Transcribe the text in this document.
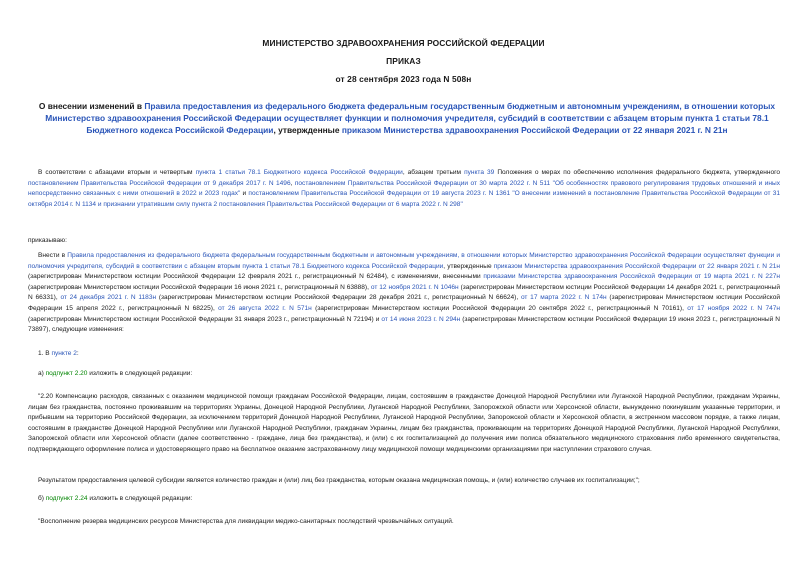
МИНИСТЕРСТВО ЗДРАВООХРАНЕНИЯ РОССИЙСКОЙ ФЕДЕРАЦИИ
ПРИКАЗ
от 28 сентября 2023 года N 508н
О внесении изменений в Правила предоставления из федерального бюджета федеральным государственным бюджетным и автономным учреждениям, в отношении которых Министерство здравоохранения Российской Федерации осуществляет функции и полномочия учредителя, субсидий в соответствии с абзацем вторым пункта 1 статьи 78.1 Бюджетного кодекса Российской Федерации, утвержденные приказом Министерства здравоохранения Российской Федерации от 22 января 2021 г. N 21н
В соответствии с абзацами вторым и четвертым пункта 1 статьи 78.1 Бюджетного кодекса Российской Федерации, абзацем третьим пункта 39 Положения о мерах по обеспечению исполнения федерального бюджета, утвержденного постановлением Правительства Российской Федерации от 9 декабря 2017 г. N 1496, постановлением Правительства Российской Федерации от 30 марта 2022 г. N 511 "Об особенностях правового регулирования трудовых отношений и иных непосредственно связанных с ними отношений в 2022 и 2023 годах" и постановлением Правительства Российской Федерации от 19 августа 2023 г. N 1361 "О внесении изменений в постановление Правительства Российской Федерации от 31 октября 2014 г. N 1134 и признании утратившим силу пункта 2 постановления Правительства Российской Федерации от 6 марта 2022 г. N 298"
приказываю:
Внести в Правила предоставления из федерального бюджета федеральным государственным бюджетным и автономным учреждениям, в отношении которых Министерство здравоохранения Российской Федерации осуществляет функции и полномочия учредителя, субсидий в соответствии с абзацем вторым пункта 1 статьи 78.1 Бюджетного кодекса Российской Федерации, утвержденные приказом Министерства здравоохранения Российской Федерации от 22 января 2021 г. N 21н (зарегистрирован Министерством юстиции Российской Федерации 12 февраля 2021 г., регистрационный N 62484), с изменениями, внесенными приказами Министерства здравоохранения Российской Федерации от 19 марта 2021 г. N 227н (зарегистрирован Министерством юстиции Российской Федерации 16 июня 2021 г., регистрационный N 63888), от 12 ноября 2021 г. N 1046н (зарегистрирован Министерством юстиции Российской Федерации 14 декабря 2021 г., регистрационный N 66331), от 24 декабря 2021 г. N 1183н (зарегистрирован Министерством юстиции Российской Федерации 28 декабря 2021 г., регистрационный N 66624), от 17 марта 2022 г. N 174н (зарегистрирован Министерством юстиции Российской Федерации 15 апреля 2022 г., регистрационный N 68225), от 26 августа 2022 г. N 571н (зарегистрирован Министерством юстиции Российской Федерации 20 сентября 2022 г., регистрационный N 70161), от 17 ноября 2022 г. N 747н (зарегистрирован Министерством юстиции Российской Федерации 31 января 2023 г., регистрационный N 72194) и от 14 июня 2023 г. N 294н (зарегистрирован Министерством юстиции Российской Федерации 19 июня 2023 г., регистрационный N 73897), следующие изменения:
1. В пункте 2:
а) подпункт 2.20 изложить в следующей редакции:
"2.20 Компенсацию расходов, связанных с оказанием медицинской помощи гражданам Российской Федерации, лицам, состоявшим в гражданстве Донецкой Народной Республики или Луганской Народной Республики, гражданам Украины, лицам без гражданства, постоянно проживавшим на территориях Украины, Донецкой Народной Республики, Луганской Народной Республики, Запорожской области или Херсонской области, вынужденно покинувшим указанные территории, и прибывшим на территорию Российской Федерации, за исключением территорий Донецкой Народной Республики, Луганской Народной Республики, Запорожской области и Херсонской области, в экстренном массовом порядке, а также лицам, состоявшим в гражданстве Донецкой Народной Республики или Луганской Народной Республики, гражданам Украины, лицам без гражданства, проживающим на территориях Донецкой Народной Республики, Луганской Народной Республики, Запорожской области или Херсонской области (далее соответственно - граждане, лица без гражданства), и (или) с их госпитализацией до получения ими полиса обязательного медицинского страхования либо временного свидетельства, подтверждающего оформление полиса и удостоверяющего право на бесплатное оказание застрахованному лицу медицинской помощи медицинскими организациями при наступлении страхового случая.
Результатом предоставления целевой субсидии является количество граждан и (или) лиц без гражданства, которым оказана медицинская помощь, и (или) количество случаев их госпитализации;";
б) подпункт 2.24 изложить в следующей редакции:
"Восполнение резерва медицинских ресурсов Министерства для ликвидации медико-санитарных последствий чрезвычайных ситуаций.
